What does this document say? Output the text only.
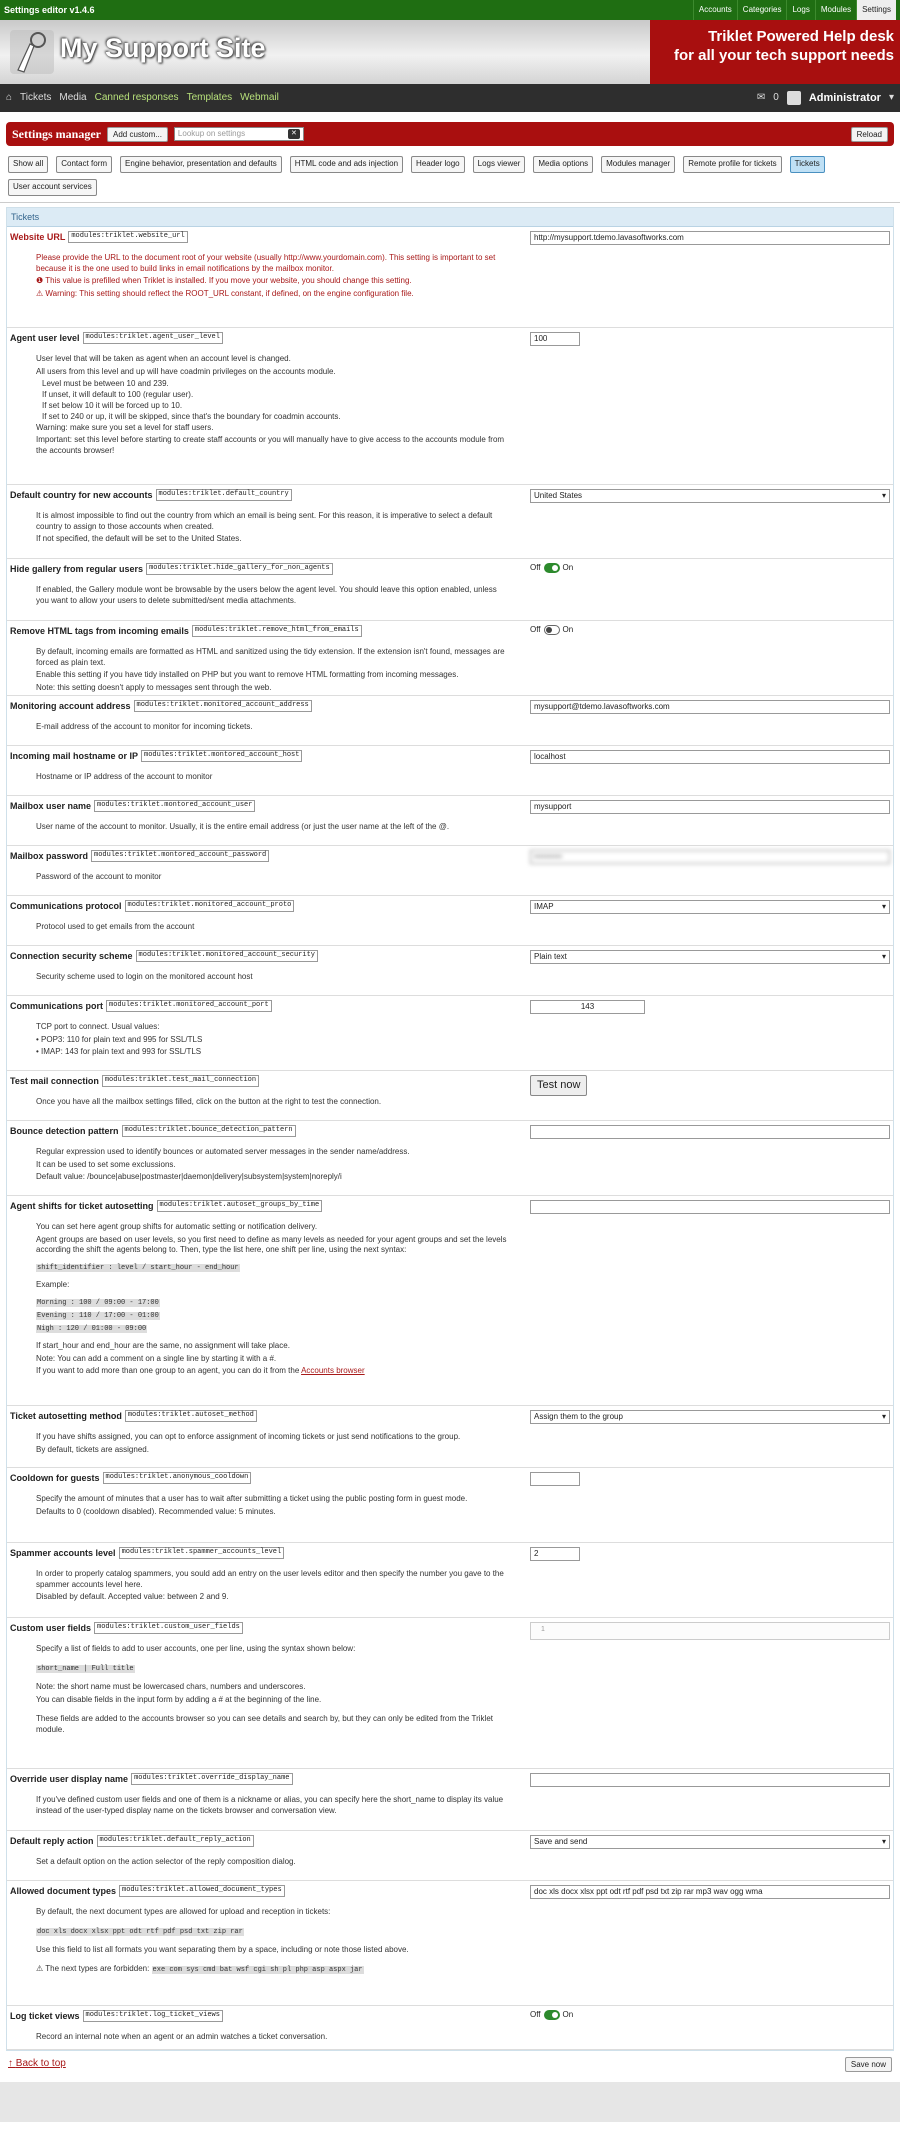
Settings editor v1.4.6	Accounts	Categories	Logs	Modules	Settings
My Support Site	Triklet Powered Help desk
for all your tech support needs
⌂ Tickets Media Canned responses Templates Webmail	✉ 0	Administrator ▾
Settings manager	Add custom...	Lookup on settings	✕	Reload
Show all	Contact form	Engine behavior, presentation and defaults	HTML code and ads injection	Header logo	Logs viewer	Media options	Modules manager	Remote profile for tickets	Tickets
User account services
Tickets
Website URL modules:triklet.website_url

Please provide the URL to the document root of your website (usually http://www.yourdomain.com). This setting is important to set because it is the one used to build links in email notifications by the mailbox monitor.

❶ This value is prefilled when Triklet is installed. If you move your website, you should change this setting.

⚠ Warning: This setting should reflect the ROOT_URL constant, if defined, on the engine configuration file.

http://mysupport.tdemo.lavasoftworks.com
Agent user level modules:triklet.agent_user_level

User level that will be taken as agent when an account level is changed.

All users from this level and up will have coadmin privileges on the accounts module.

Level must be between 10 and 239.
If unset, it will default to 100 (regular user).
If set below 10 it will be forced up to 10.
If set to 240 or up, it will be skipped, since that's the boundary for coadmin accounts.

Warning: make sure you set a level for staff users.

Important: set this level before starting to create staff accounts or you will manually have to give access to the accounts module from the accounts browser!

100
Default country for new accounts modules:triklet.default_country

It is almost impossible to find out the country from which an email is being sent. For this reason, it is imperative to select a default country to assign to those accounts when created.

If not specified, the default will be set to the United States.

United States	▾
Hide gallery from regular users modules:triklet.hide_gallery_for_non_agents

If enabled, the Gallery module wont be browsable by the users below the agent level. You should leave this option enabled, unless you want to allow your users to delete submitted/sent media attachments.

Off	On
Remove HTML tags from incoming emails modules:triklet.remove_html_from_emails

By default, incoming emails are formatted as HTML and sanitized using the tidy extension. If the extension isn't found, messages are forced as plain text.

Enable this setting if you have tidy installed on PHP but you want to remove HTML formatting from incoming messages.

Note: this setting doesn't apply to messages sent through the web.

Off	On
Monitoring account address modules:triklet.monitored_account_address

E-mail address of the account to monitor for incoming tickets.

mysupport@tdemo.lavasoftworks.com
Incoming mail hostname or IP modules:triklet.montored_account_host

Hostname or IP address of the account to monitor

localhost
Mailbox user name modules:triklet.montored_account_user

User name of the account to monitor. Usually, it is the entire email address (or just the user name at the left of the @.

mysupport
Mailbox password modules:triklet.montored_account_password

Password of the account to monitor

••••••••••
Communications protocol modules:triklet.monitored_account_proto

Protocol used to get emails from the account

IMAP	▾
Connection security scheme modules:triklet.monitored_account_security

Security scheme used to login on the monitored account host

Plain text	▾
Communications port modules:triklet.monitored_account_port

TCP port to connect. Usual values:

• POP3: 110 for plain text and 995 for SSL/TLS

• IMAP: 143 for plain text and 993 for SSL/TLS

143
Test mail connection modules:triklet.test_mail_connection

Once you have all the mailbox settings filled, click on the button at the right to test the connection.

Test now
Bounce detection pattern modules:triklet.bounce_detection_pattern

Regular expression used to identify bounces or automated server messages in the sender name/address.

It can be used to set some exclussions.

Default value: /bounce|abuse|postmaster|daemon|delivery|subsystem|system|noreply/i

Agent shifts for ticket autosetting modules:triklet.autoset_groups_by_time

You can set here agent group shifts for automatic setting or notification delivery.

Agent groups are based on user levels, so you first need to define as many levels as needed for your agent groups and set the levels according the shift the agents belong to. Then, type the list here, one shift per line, using the next syntax:

shift_identifier : level / start_hour - end_hour

Example:

Morning : 100 / 09:00 - 17:00

Evening : 110 / 17:00 - 01:00

Nigh : 120 / 01:00 - 09:00

If start_hour and end_hour are the same, no assignment will take place.

Note: You can add a comment on a single line by starting it with a #.

If you want to add more than one group to an agent, you can do it from the Accounts browser

Ticket autosetting method modules:triklet.autoset_method

If you have shifts assigned, you can opt to enforce assignment of incoming tickets or just send notifications to the group.

By default, tickets are assigned.

Assign them to the group	▾
Cooldown for guests modules:triklet.anonymous_cooldown

Specify the amount of minutes that a user has to wait after submitting a ticket using the public posting form in guest mode.

Defaults to 0 (cooldown disabled). Recommended value: 5 minutes.

Spammer accounts level modules:triklet.spammer_accounts_level

In order to properly catalog spammers, you sould add an entry on the user levels editor and then specify the number you gave to the spammer accounts level here.

Disabled by default. Accepted value: between 2 and 9.

2
Custom user fields modules:triklet.custom_user_fields

Specify a list of fields to add to user accounts, one per line, using the syntax shown below:

short_name | Full title

Note: the short name must be lowercased chars, numbers and underscores.

You can disable fields in the input form by adding a # at the beginning of the line.

These fields are added to the accounts browser so you can see details and search by, but they can only be edited from the Triklet module.

1
Override user display name modules:triklet.override_display_name

If you've defined custom user fields and one of them is a nickname or alias, you can specify here the short_name to display its value instead of the user-typed display name on the tickets browser and conversation view.

Default reply action modules:triklet.default_reply_action

Set a default option on the action selector of the reply composition dialog.

Save and send	▾
Allowed document types modules:triklet.allowed_document_types

By default, the next document types are allowed for upload and reception in tickets:

doc xls docx xlsx ppt odt rtf pdf psd txt zip rar

Use this field to list all formats you want separating them by a space, including or note those listed above.

⚠ The next types are forbidden: exe com sys cmd bat wsf cgi sh pl php asp aspx jar

doc xls docx xlsx ppt odt rtf pdf psd txt zip rar mp3 wav ogg wma
Log ticket views modules:triklet.log_ticket_views

Record an internal note when an agent or an admin watches a ticket conversation.

Off	On
↑ Back to top	Save now
